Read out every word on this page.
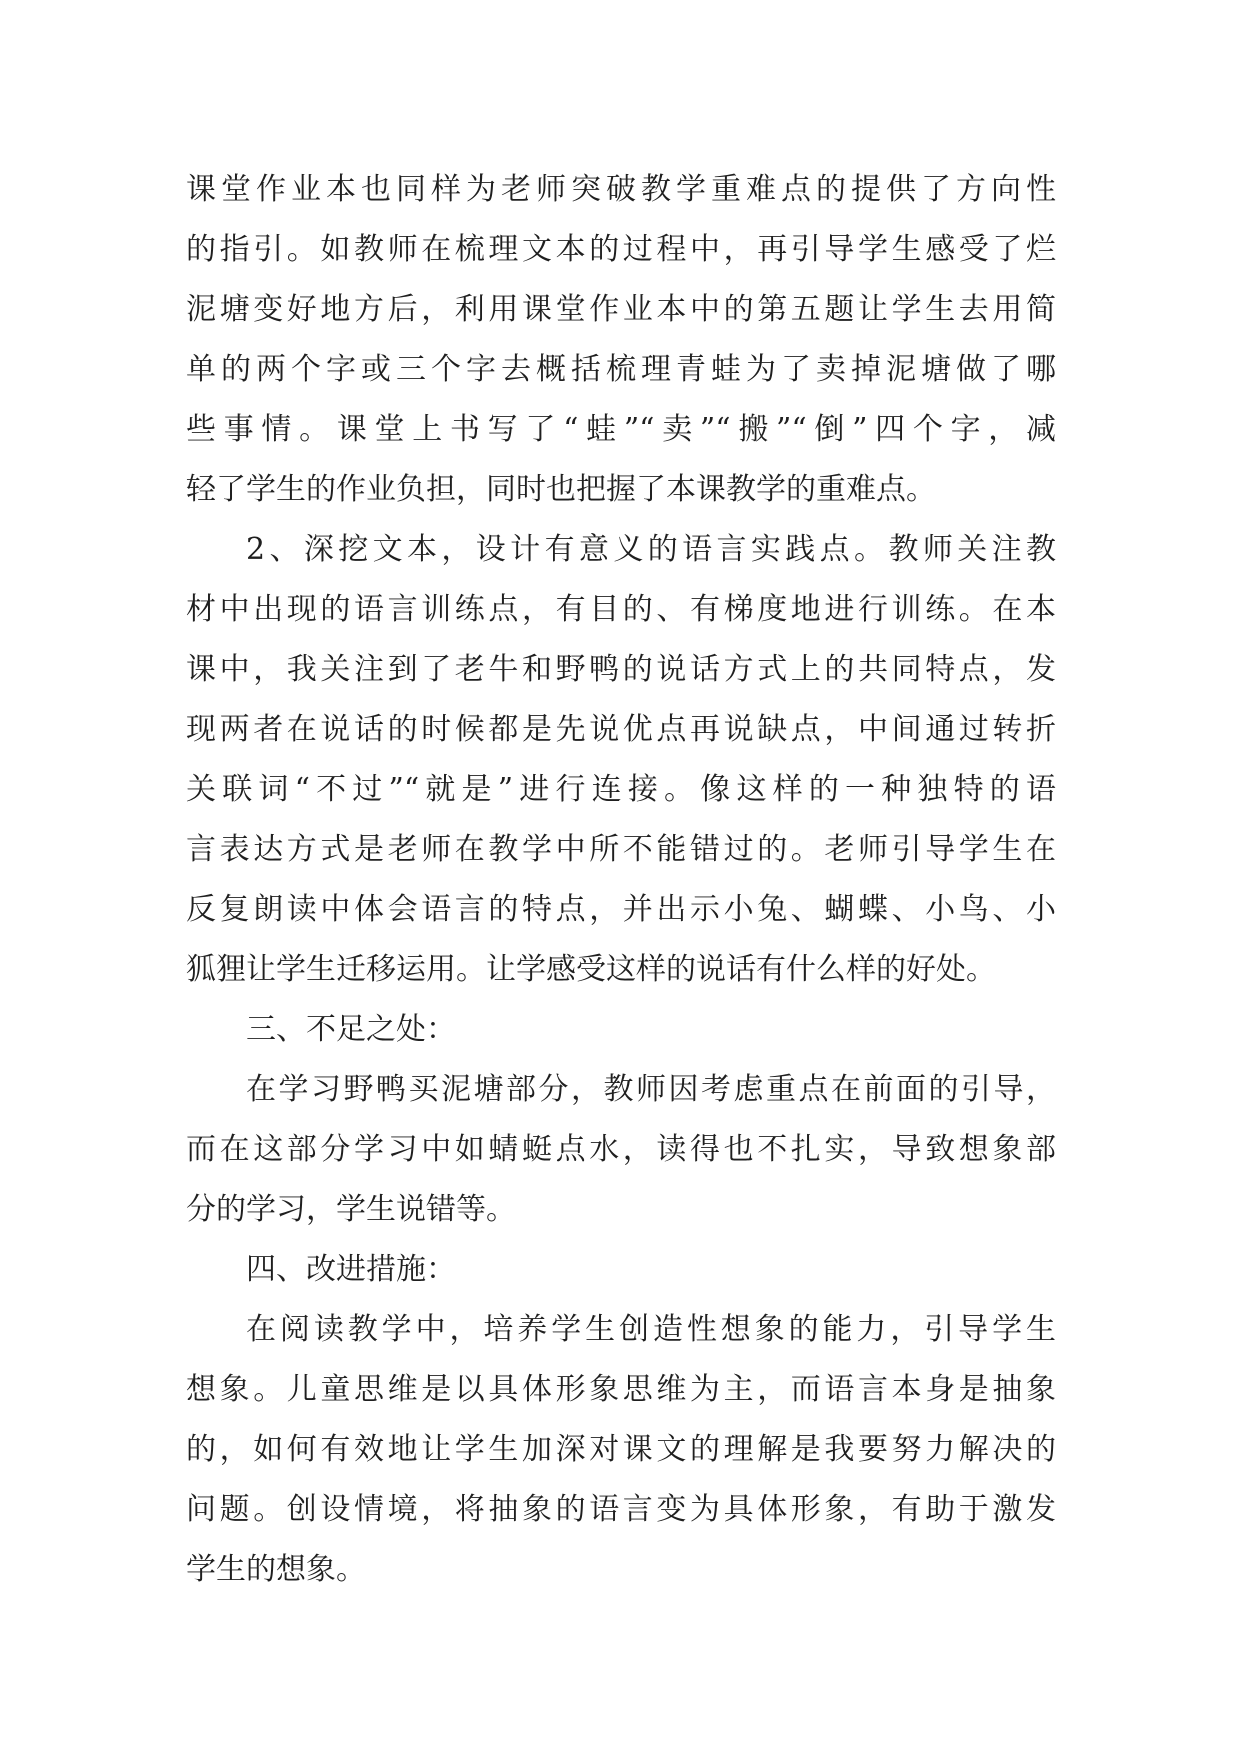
课堂作业本也同样为老师突破教学重难点的提供了方向性
的指引。如教师在梳理文本的过程中，再引导学生感受了烂
泥塘变好地方后，利用课堂作业本中的第五题让学生去用简
单的两个字或三个字去概括梳理青蛙为了卖掉泥塘做了哪
些事情。课堂上书写了“蛙”“卖”“搬”“倒”四个字，减
轻了学生的作业负担，同时也把握了本课教学的重难点。
2、深挖文本，设计有意义的语言实践点。教师关注教
材中出现的语言训练点，有目的、有梯度地进行训练。在本
课中，我关注到了老牛和野鸭的说话方式上的共同特点，发
现两者在说话的时候都是先说优点再说缺点，中间通过转折
关联词“不过”“就是”进行连接。像这样的一种独特的语
言表达方式是老师在教学中所不能错过的。老师引导学生在
反复朗读中体会语言的特点，并出示小兔、蝴蝶、小鸟、小
狐狸让学生迁移运用。让学感受这样的说话有什么样的好处。
三、不足之处：
在学习野鸭买泥塘部分，教师因考虑重点在前面的引导，
而在这部分学习中如蜻蜓点水，读得也不扎实，导致想象部
分的学习，学生说错等。
四、改进措施：
在阅读教学中，培养学生创造性想象的能力，引导学生
想象。儿童思维是以具体形象思维为主，而语言本身是抽象
的，如何有效地让学生加深对课文的理解是我要努力解决的
问题。创设情境，将抽象的语言变为具体形象，有助于激发
学生的想象。
